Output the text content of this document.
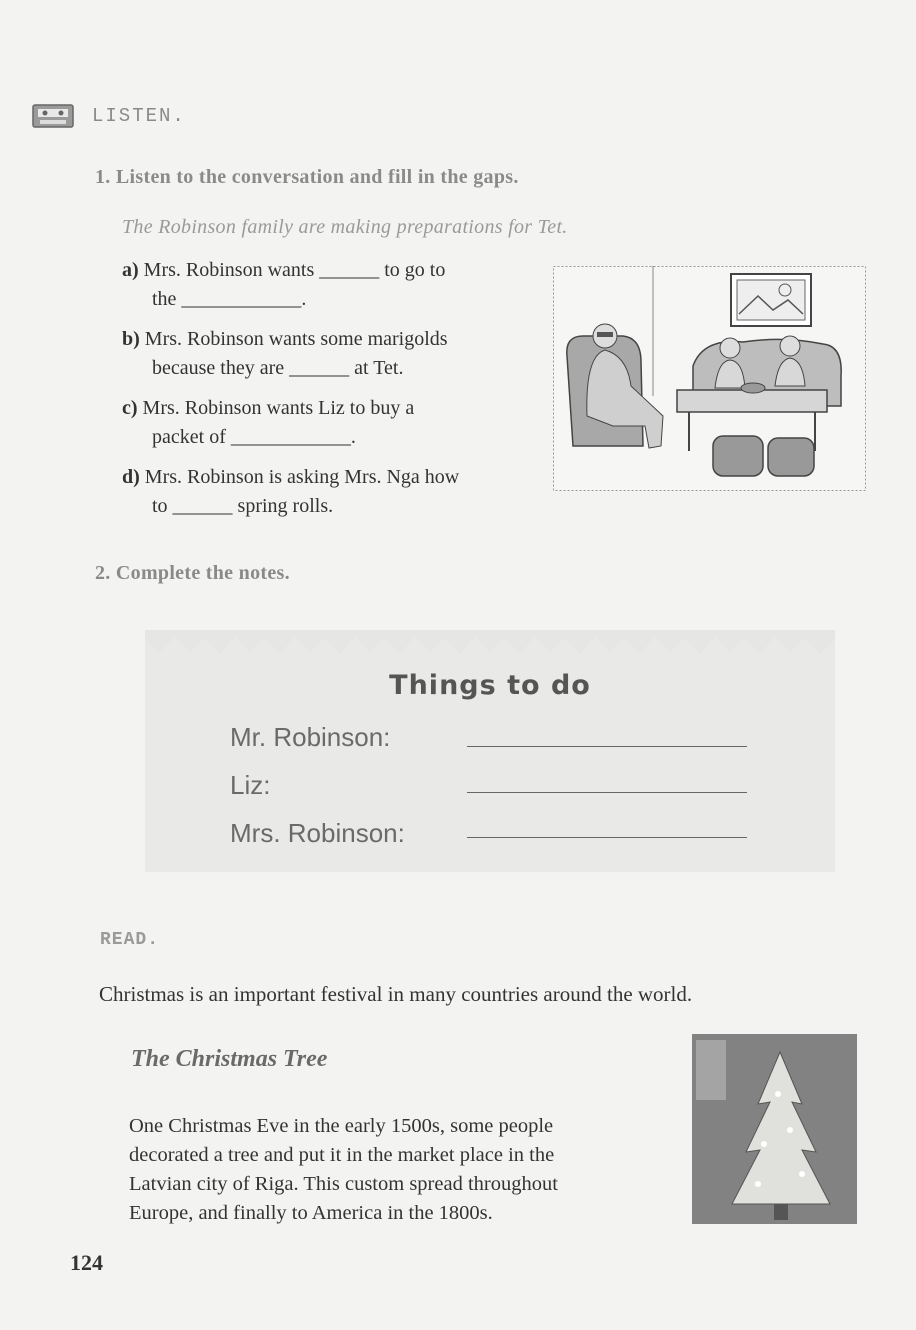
LISTEN.
1. Listen to the conversation and fill in the gaps.
The Robinson family are making preparations for Tet.
a) Mrs. Robinson wants ______ to go to
the ____________.
b) Mrs. Robinson wants some marigolds
because they are ______ at Tet.
c) Mrs. Robinson wants Liz to buy a
packet of ____________.
d) Mrs. Robinson is asking Mrs. Nga how
to ______ spring rolls.
2. Complete the notes.
Things to do
Mr. Robinson:
Liz:
Mrs. Robinson:
READ.
Christmas is an important festival in many countries around the world.
The Christmas Tree
One Christmas Eve in the early 1500s, some people
decorated a tree and put it in the market place in the
Latvian city of Riga. This custom spread throughout
Europe, and finally to America in the 1800s.
124
